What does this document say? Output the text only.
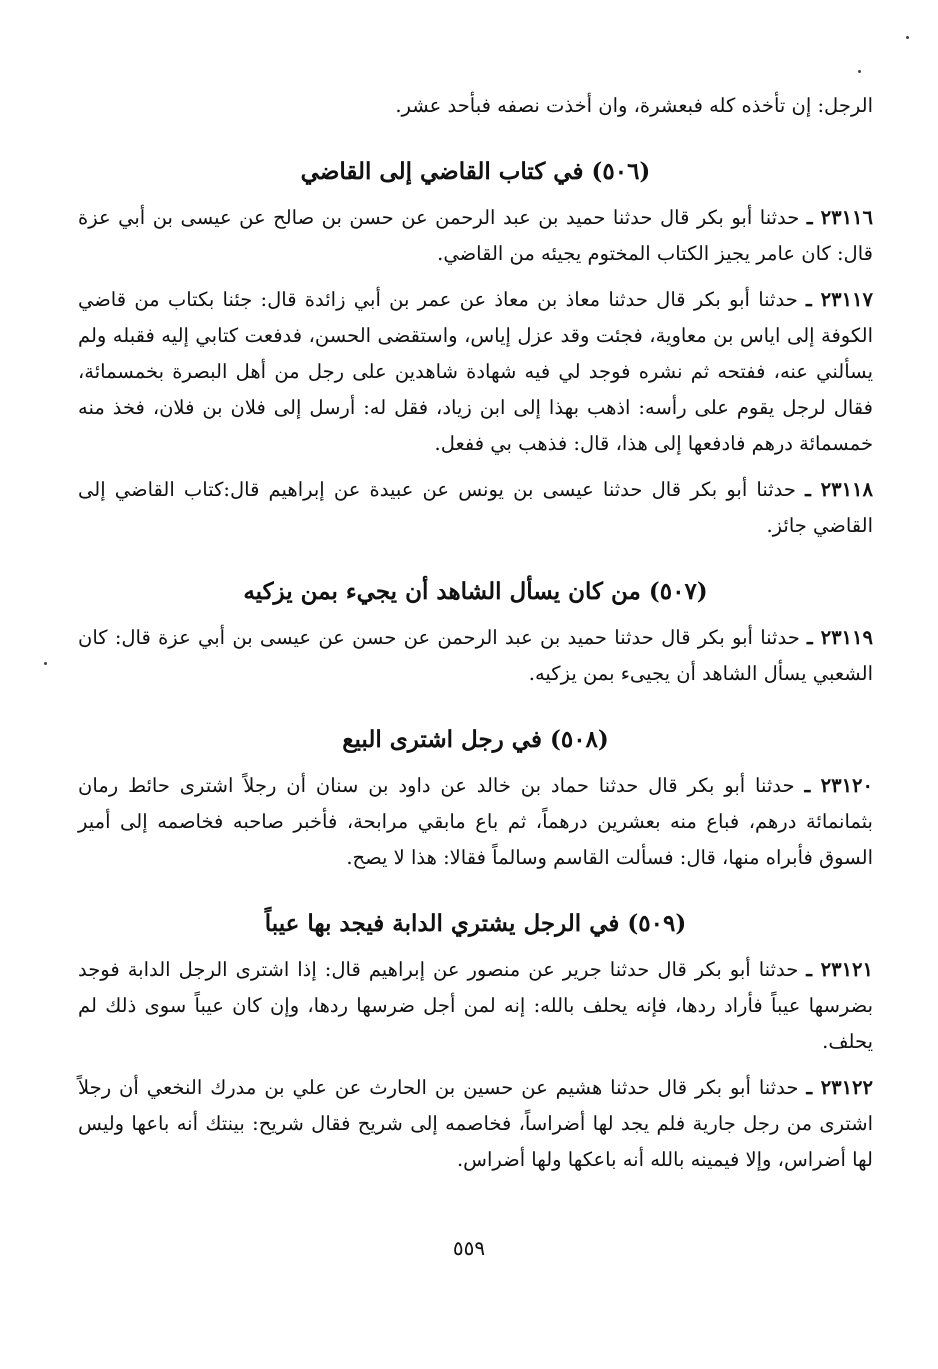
الرجل: إن تأخذه كله فبعشرة، وان أخذت نصفه فبأحد عشر.

(٥٠٦) في كتاب القاضي إلى القاضي

٢٣١١٦ ـ حدثنا أبو بكر قال حدثنا حميد بن عبد الرحمن عن حسن بن صالح عن عيسى بن أبي عزة قال: كان عامر يجيز الكتاب المختوم يجيئه من القاضي.

٢٣١١٧ ـ حدثنا أبو بكر قال حدثنا معاذ بن معاذ عن عمر بن أبي زائدة قال: جئنا بكتاب من قاضي الكوفة إلى اياس بن معاوية، فجئت وقد عزل إياس، واستقضى الحسن، فدفعت كتابي إليه فقبله ولم يسألني عنه، ففتحه ثم نشره فوجد لي فيه شهادة شاهدين على رجل من أهل البصرة بخمسمائة، فقال لرجل يقوم على رأسه: اذهب بهذا إلى ابن زياد، فقل له: أرسل إلى فلان بن فلان، فخذ منه خمسمائة درهم فادفعها إلى هذا، قال: فذهب بي ففعل.

٢٣١١٨ ـ حدثنا أبو بكر قال حدثنا عيسى بن يونس عن عبيدة عن إبراهيم قال:كتاب القاضي إلى القاضي جائز.

(٥٠٧) من كان يسأل الشاهد أن يجيء بمن يزكيه

٢٣١١٩ ـ حدثنا أبو بكر قال حدثنا حميد بن عبد الرحمن عن حسن عن عيسى بن أبي عزة قال: كان الشعبي يسأل الشاهد أن يجيىء بمن يزكيه.

(٥٠٨) في رجل اشترى البيع

٢٣١٢٠ ـ حدثنا أبو بكر قال حدثنا حماد بن خالد عن داود بن سنان أن رجلاً اشترى حائط رمان بثمانمائة درهم، فباع منه بعشرين درهماً، ثم باع مابقي مرابحة، فأخبر صاحبه فخاصمه إلى أمير السوق فأبراه منها، قال: فسألت القاسم وسالماً فقالا: هذا لا يصح.

(٥٠٩) في الرجل يشتري الدابة فيجد بها عيباً

٢٣١٢١ ـ حدثنا أبو بكر قال حدثنا جرير عن منصور عن إبراهيم قال: إذا اشترى الرجل الدابة فوجد بضرسها عيباً فأراد ردها، فإنه يحلف بالله: إنه لمن أجل ضرسها ردها، وإن كان عيباً سوى ذلك لم يحلف.

٢٣١٢٢ ـ حدثنا أبو بكر قال حدثنا هشيم عن حسين بن الحارث عن علي بن مدرك النخعي أن رجلاً اشترى من رجل جارية فلم يجد لها أضراساً، فخاصمه إلى شريح فقال شريح: بينتك أنه باعها وليس لها أضراس، وإلا فيمينه بالله أنه باعكها ولها أضراس.

٥٥٩
